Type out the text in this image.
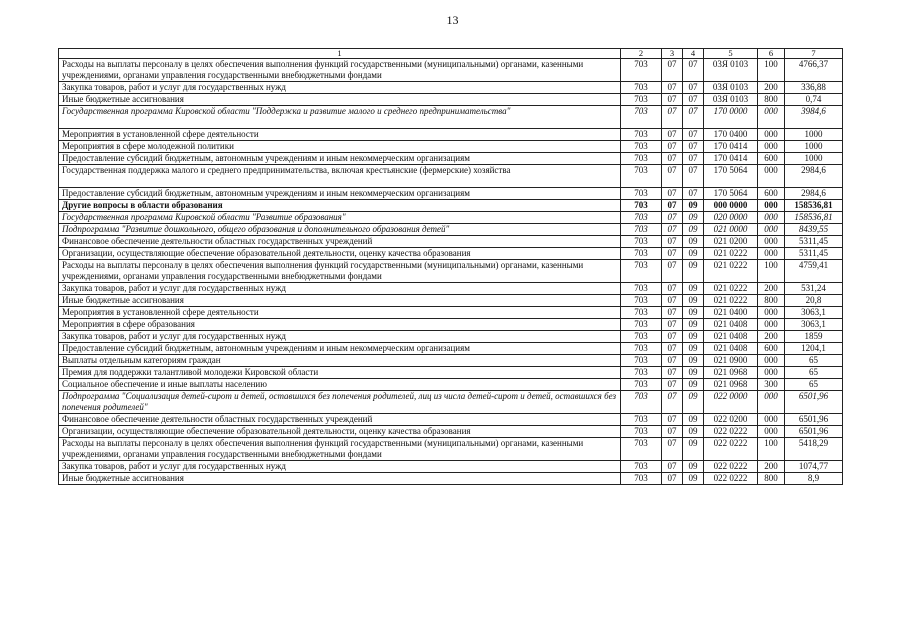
13
1	2	3	4	5	6	7
Расходы на выплаты персоналу в целях обеспечения выполнения функций государственными (муниципальными) органами, казенными учреждениями, органами управления государственными внебюджетными фондами	703	07	07	03Я 0103	100	4766,37
Закупка товаров, работ и услуг для государственных нужд	703	07	07	03Я 0103	200	336,88
Иные бюджетные ассигнования	703	07	07	03Я 0103	800	0,74
Государственная программа Кировской области "Поддержка и развитие малого и среднего предпринимательства"	703	07	07	170 0000	000	3984,6
Мероприятия в установленной сфере деятельности	703	07	07	170 0400	000	1000
Мероприятия в сфере молодежной политики	703	07	07	170 0414	000	1000
Предоставление субсидий бюджетным, автономным учреждениям и иным некоммерческим организациям	703	07	07	170 0414	600	1000
Государственная поддержка малого и среднего предпринимательства, включая крестьянские (фермерские) хозяйства	703	07	07	170 5064	000	2984,6
Предоставление субсидий бюджетным, автономным учреждениям и иным некоммерческим организациям	703	07	07	170 5064	600	2984,6
Другие вопросы в области образования	703	07	09	000 0000	000	158536,81
Государственная программа Кировской области "Развитие образования"	703	07	09	020 0000	000	158536,81
Подпрограмма "Развитие дошкольного, общего образования и дополнительного образования детей"	703	07	09	021 0000	000	8439,55
Финансовое обеспечение деятельности областных государственных учреждений	703	07	09	021 0200	000	5311,45
Организации, осуществляющие обеспечение образовательной деятельности, оценку качества образования	703	07	09	021 0222	000	5311,45
Расходы на выплаты персоналу в целях обеспечения выполнения функций государственными (муниципальными) органами, казенными учреждениями, органами управления государственными внебюджетными фондами	703	07	09	021 0222	100	4759,41
Закупка товаров, работ и услуг для государственных нужд	703	07	09	021 0222	200	531,24
Иные бюджетные ассигнования	703	07	09	021 0222	800	20,8
Мероприятия в установленной сфере деятельности	703	07	09	021 0400	000	3063,1
Мероприятия в сфере образования	703	07	09	021 0408	000	3063,1
Закупка товаров, работ и услуг для государственных нужд	703	07	09	021 0408	200	1859
Предоставление субсидий бюджетным, автономным учреждениям и иным некоммерческим организациям	703	07	09	021 0408	600	1204,1
Выплаты отдельным категориям граждан	703	07	09	021 0900	000	65
Премия для поддержки талантливой молодежи Кировской области	703	07	09	021 0968	000	65
Социальное обеспечение и иные выплаты населению	703	07	09	021 0968	300	65
Подпрограмма "Социализация детей-сирот и детей, оставшихся без попечения родителей, лиц из числа детей-сирот и детей, оставшихся без попечения родителей"	703	07	09	022 0000	000	6501,96
Финансовое обеспечение деятельности областных государственных учреждений	703	07	09	022 0200	000	6501,96
Организации, осуществляющие обеспечение образовательной деятельности, оценку качества образования	703	07	09	022 0222	000	6501,96
Расходы на выплаты персоналу в целях обеспечения выполнения функций государственными (муниципальными) органами, казенными учреждениями, органами управления государственными внебюджетными фондами	703	07	09	022 0222	100	5418,29
Закупка товаров, работ и услуг для государственных нужд	703	07	09	022 0222	200	1074,77
Иные бюджетные ассигнования	703	07	09	022 0222	800	8,9
